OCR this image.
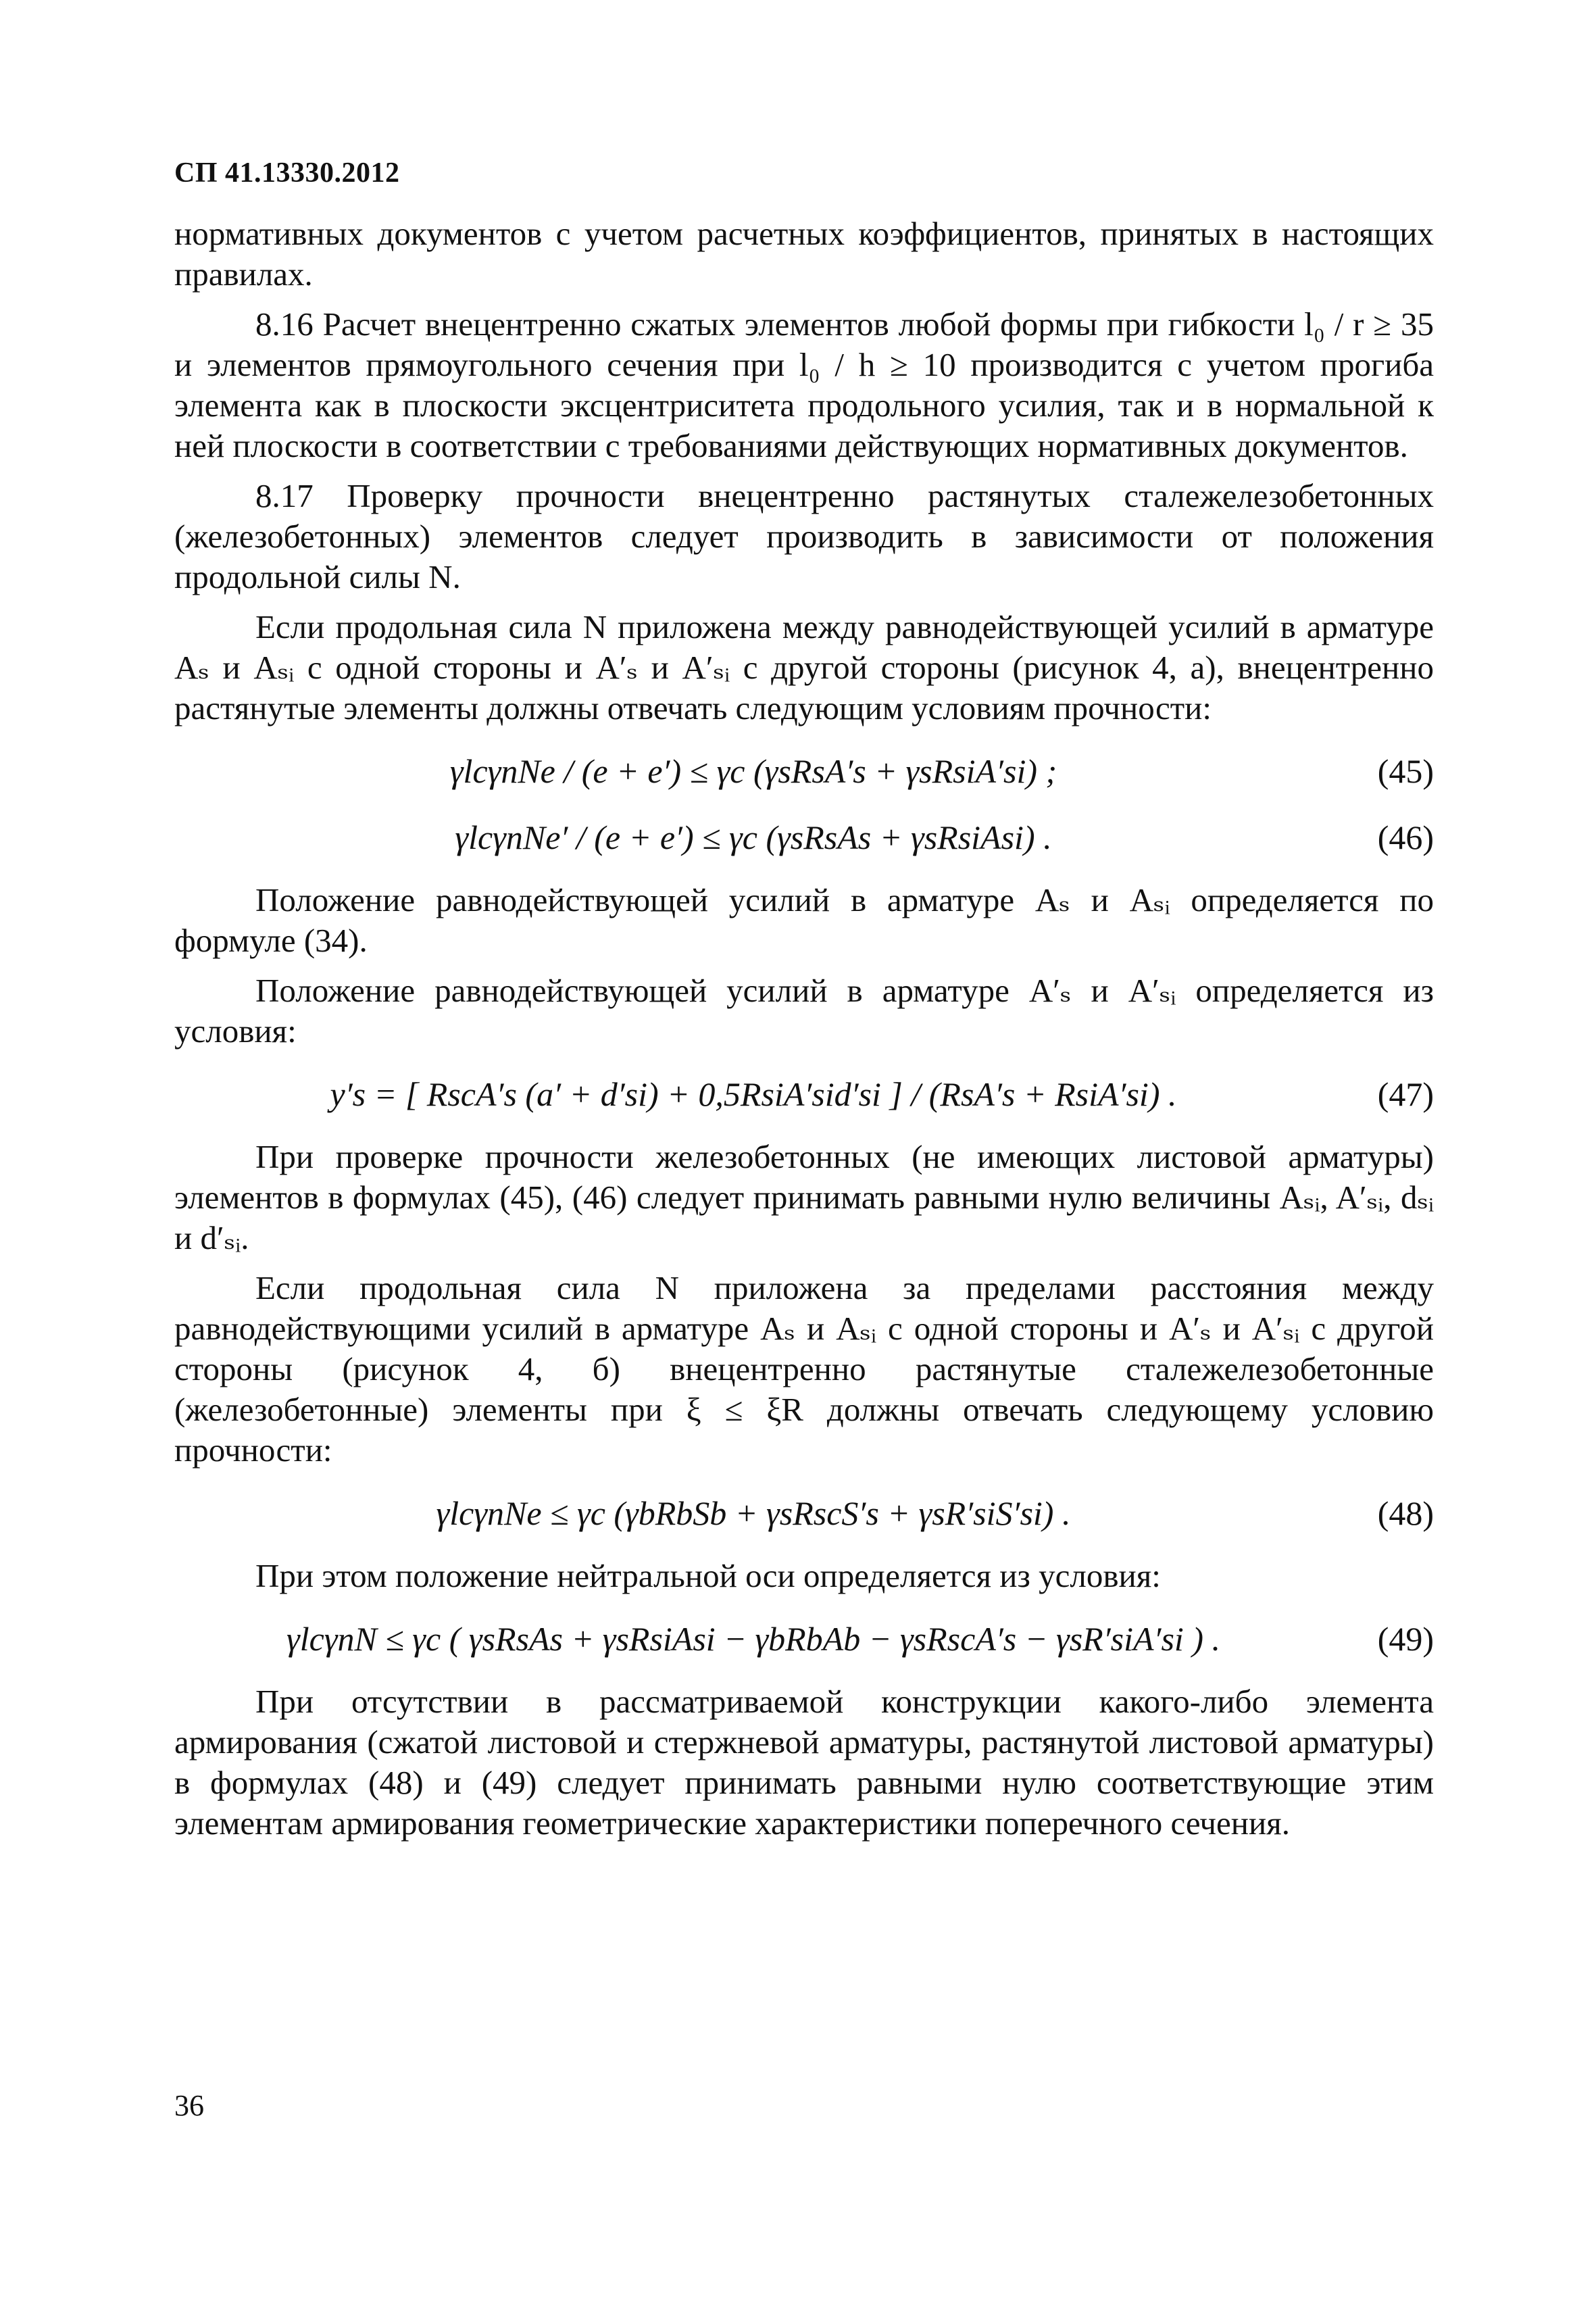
СП 41.13330.2012

нормативных документов с учетом расчетных коэффициентов, принятых в настоящих правилах.

8.16 Расчет внецентренно сжатых элементов любой формы при гибкости l₀ / r ≥ 35 и элементов прямоугольного сечения при l₀ / h ≥ 10 производится с учетом прогиба элемента как в плоскости эксцентриситета продольного усилия, так и в нормальной к ней плоскости в соответствии с требованиями действующих нормативных документов.

8.17 Проверку прочности внецентренно растянутых сталежелезобетонных (железобетонных) элементов следует производить в зависимости от положения продольной силы N.

Если продольная сила N приложена между равнодействующей усилий в арматуре Aₛ и Aₛᵢ с одной стороны и A′ₛ и A′ₛᵢ с другой стороны (рисунок 4, а), внецентренно растянутые элементы должны отвечать следующим условиям прочности:

γlcγnNe / (e + e′) ≤ γc (γsRsA′s + γsRsiA′si) ;	(45)
γlcγnNe′ / (e + e′) ≤ γc (γsRsAs + γsRsiAsi) .	(46)

Положение равнодействующей усилий в арматуре Aₛ и Aₛᵢ определяется по формуле (34).

Положение равнодействующей усилий в арматуре A′ₛ и A′ₛᵢ определяется из условия:

y′s = [ RscA′s (a′ + d′si) + 0,5RsiA′sid′si ] / (RsA′s + RsiA′si) .	(47)

При проверке прочности железобетонных (не имеющих листовой арматуры) элементов в формулах (45), (46) следует принимать равными нулю величины Aₛᵢ, A′ₛᵢ, dₛᵢ и d′ₛᵢ.

Если продольная сила N приложена за пределами расстояния между равнодействующими усилий в арматуре Aₛ и Aₛᵢ с одной стороны и A′ₛ и A′ₛᵢ с другой стороны (рисунок 4, б) внецентренно растянутые сталежелезобетонные (железобетонные) элементы при ξ ≤ ξR должны отвечать следующему условию прочности:

γlcγnNe ≤ γc (γbRbSb + γsRscS′s + γsR′siS′si) .	(48)

При этом положение нейтральной оси определяется из условия:

γlcγnN ≤ γc ( γsRsAs + γsRsiAsi − γbRbAb − γsRscA′s − γsR′siA′si ) .	(49)

При отсутствии в рассматриваемой конструкции какого-либо элемента армирования (сжатой листовой и стержневой арматуры, растянутой листовой арматуры) в формулах (48) и (49) следует принимать равными нулю соответствующие этим элементам армирования геометрические характеристики поперечного сечения.

36
